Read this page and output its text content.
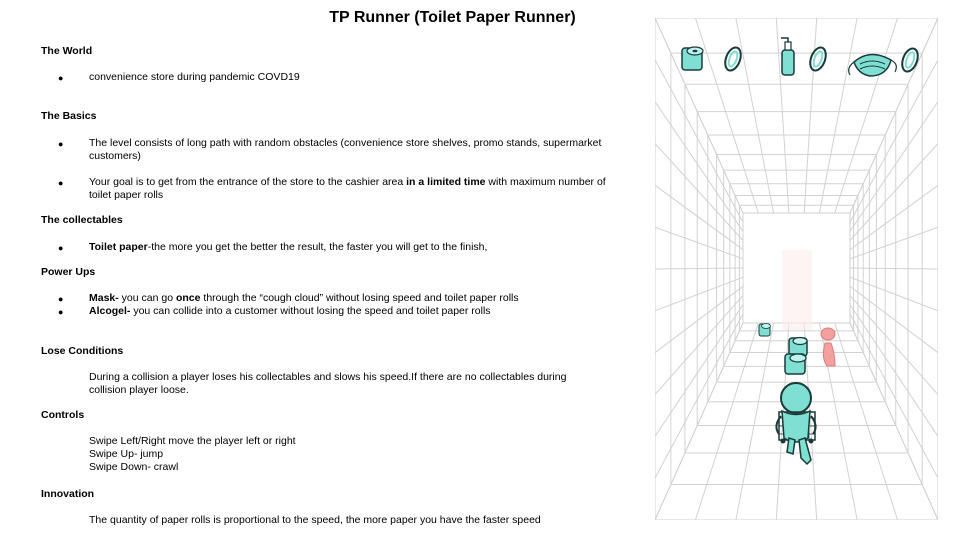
TP Runner (Toilet Paper Runner)
The World
● convenience store during pandemic COVD19
The Basics
● The level consists of long path with random obstacles (convenience store shelves, promo stands, supermarket customers)
● Your goal is to get from the entrance of the store to the cashier area in a limited time with maximum number of toilet paper rolls
The collectables
● Toilet paper-the more you get the better the result, the faster you will get to the finish,
Power Ups
● Mask- you can go once through the “cough cloud” without losing speed and toilet paper rolls
● Alcogel- you can collide into a customer without losing the speed and toilet paper rolls
Lose Conditions
During a collision a player loses his collectables and slows his speed.If there are no collectables during collision player loose.
Controls
Swipe Left/Right move the player left or right
Swipe Up- jump
Swipe Down- crawl
Innovation
The quantity of paper rolls is proportional to the speed, the more paper you have the faster speed
